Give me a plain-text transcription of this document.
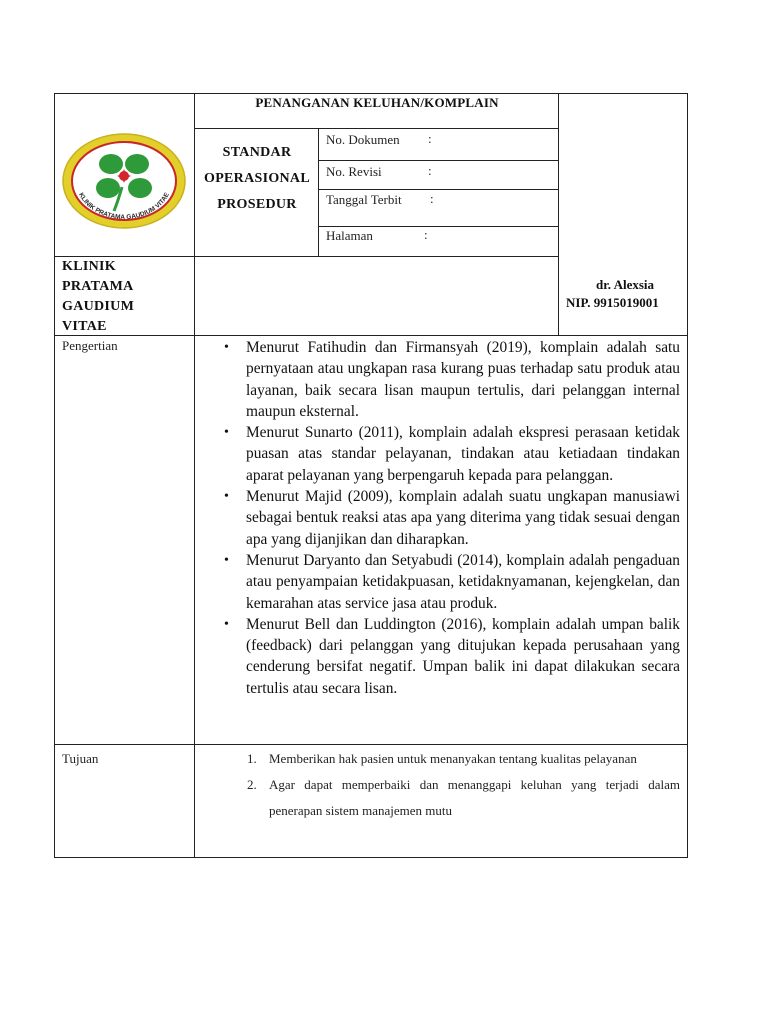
KLINIK PRATAMA GAUDIUM VITAE
PENANGANAN KELUHAN/KOMPLAIN
STANDAR
OPERASIONAL
PROSEDUR
No. Dokumen :
No. Revisi	:
Tanggal Terbit :
Halaman	:
KLINIK
PRATAMA
GAUDIUM
VITAE
dr. Alexsia
NIP. 9915019001
Pengertian	• Menurut Fatihudin dan Firmansyah (2019), komplain adalah satu pernyataan atau ungkapan rasa kurang puas terhadap satu produk atau layanan, baik secara lisan maupun tertulis, dari pelanggan internal maupun eksternal.
• Menurut Sunarto (2011), komplain adalah ekspresi perasaan ketidak puasan atas standar pelayanan, tindakan atau ketiadaan tindakan aparat pelayanan yang berpengaruh kepada para pelanggan.
• Menurut Majid (2009), komplain adalah suatu ungkapan manusiawi sebagai bentuk reaksi atas apa yang diterima yang tidak sesuai dengan apa yang dijanjikan dan diharapkan.
• Menurut Daryanto dan Setyabudi (2014), komplain adalah pengaduan atau penyampaian ketidakpuasan, ketidaknyamanan, kejengkelan, dan kemarahan atas service jasa atau produk.
• Menurut Bell dan Luddington (2016), komplain adalah umpan balik (feedback) dari pelanggan yang ditujukan kepada perusahaan yang cenderung bersifat negatif. Umpan balik ini dapat dilakukan secara tertulis atau secara lisan.
Tujuan	1. Memberikan hak pasien untuk menanyakan tentang kualitas pelayanan
2. Agar dapat memperbaiki dan menanggapi keluhan yang terjadi dalam penerapan sistem manajemen mutu
